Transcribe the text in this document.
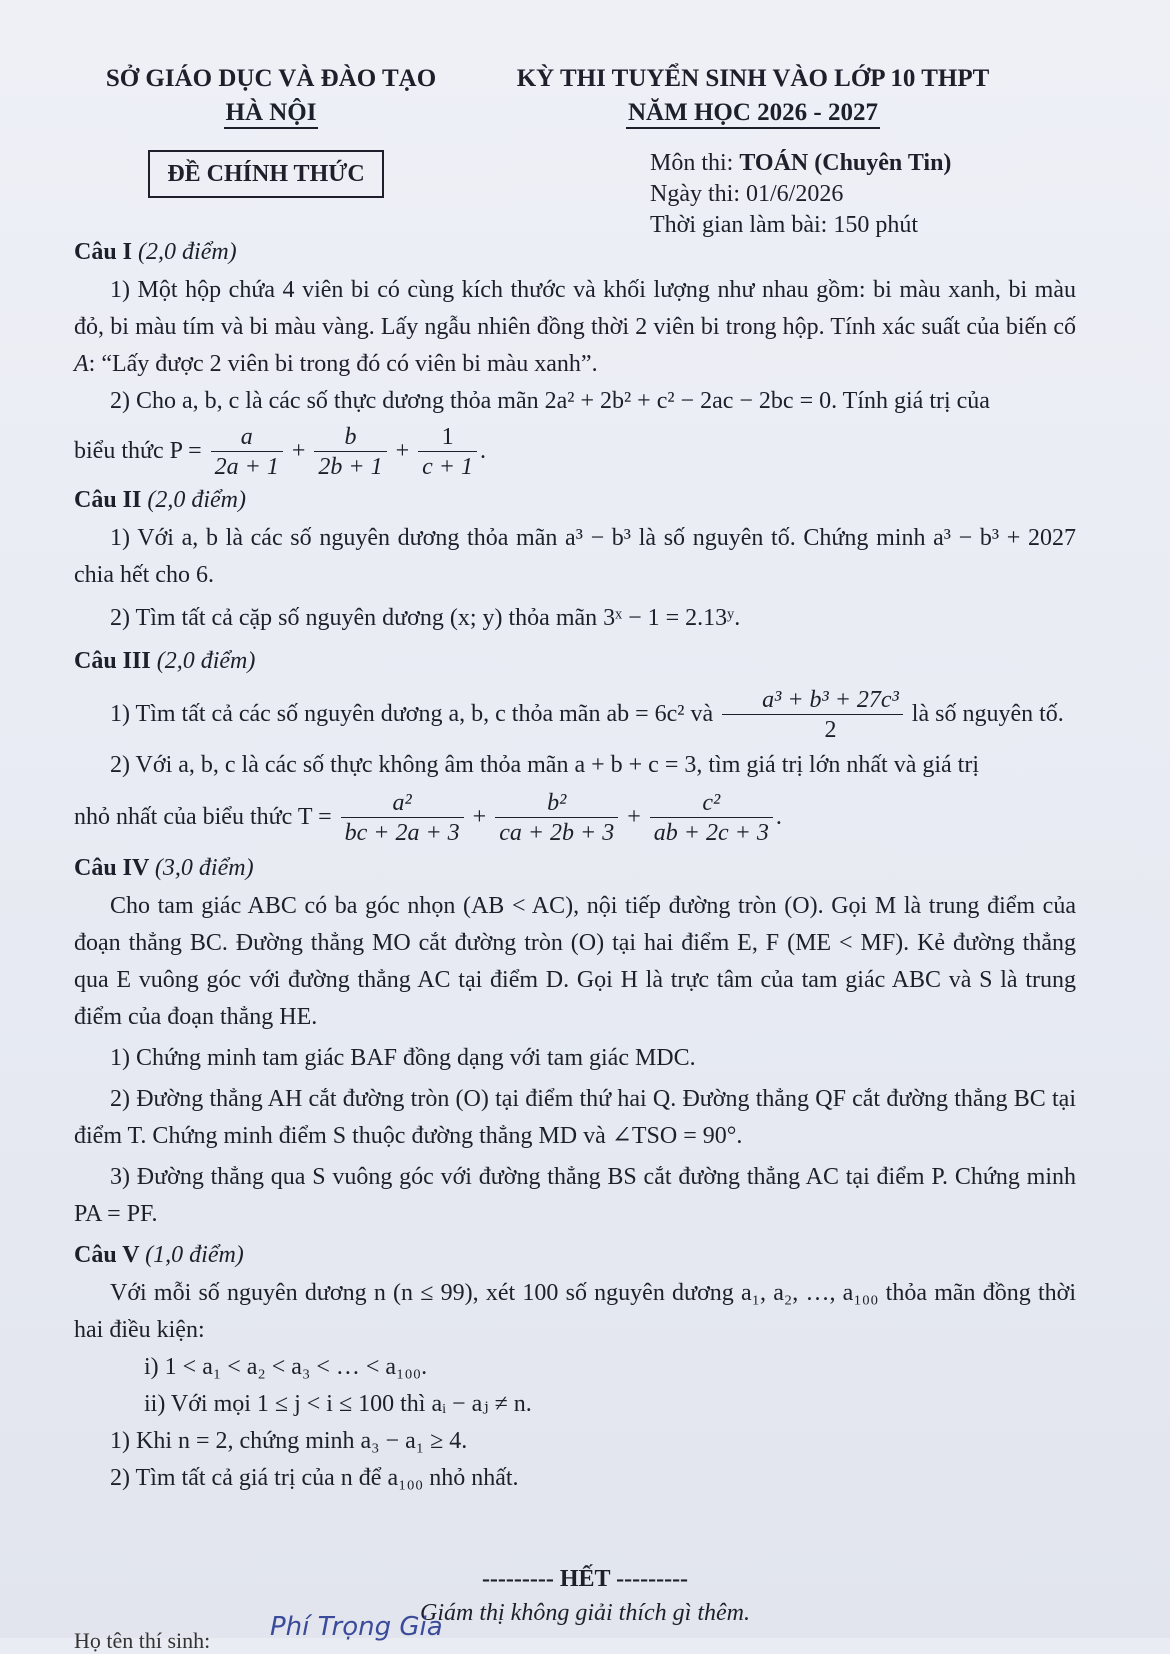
SỞ GIÁO DỤC VÀ ĐÀO TẠO
HÀ NỘI
KỲ THI TUYỂN SINH VÀO LỚP 10 THPT
NĂM HỌC 2026 - 2027
ĐỀ CHÍNH THỨC	Môn thi: TOÁN (Chuyên Tin)
Ngày thi: 01/6/2026
Thời gian làm bài: 150 phút
Câu I (2,0 điểm)

1) Một hộp chứa 4 viên bi có cùng kích thước và khối lượng như nhau gồm: bi màu xanh, bi màu đỏ, bi màu tím và bi màu vàng. Lấy ngẫu nhiên đồng thời 2 viên bi trong hộp. Tính xác suất của biến cố A: “Lấy được 2 viên bi trong đó có viên bi màu xanh”.

2) Cho a, b, c là các số thực dương thỏa mãn 2a² + 2b² + c² − 2ac − 2bc = 0. Tính giá trị của

biểu thức $P = \frac{a}{2a + 1} + \frac{b}{2b + 1} + \frac{1}{c + 1}$ .

Câu II (2,0 điểm)

1) Với a, b là các số nguyên dương thỏa mãn a³ − b³ là số nguyên tố. Chứng minh a³ − b³ + 2027 chia hết cho 6.

2) Tìm tất cả cặp số nguyên dương (x; y) thỏa mãn 3ˣ − 1 = 2.13ʸ.

Câu III (2,0 điểm)

1) Tìm tất cả các số nguyên dương a, b, c thỏa mãn ab = 6c² và $\frac{\text{a³ + b³ + 27c³}}{2}$ là số nguyên tố.

2) Với a, b, c là các số thực không âm thỏa mãn a + b + c = 3, tìm giá trị lớn nhất và giá trị

nhỏ nhất của biểu thức $T = \frac{\text{a²}}{bc + 2a + 3} + \frac{\text{b²}}{ca + 2b + 3} + \frac{\text{c²}}{ab + 2c + 3}$ .

Câu IV (3,0 điểm)

Cho tam giác ABC có ba góc nhọn (AB < AC), nội tiếp đường tròn (O). Gọi M là trung điểm của đoạn thẳng BC. Đường thẳng MO cắt đường tròn (O) tại hai điểm E, F (ME < MF). Kẻ đường thẳng qua E vuông góc với đường thẳng AC tại điểm D. Gọi H là trực tâm của tam giác ABC và S là trung điểm của đoạn thẳng HE.

1) Chứng minh tam giác BAF đồng dạng với tam giác MDC.

2) Đường thẳng AH cắt đường tròn (O) tại điểm thứ hai Q. Đường thẳng QF cắt đường thẳng BC tại điểm T. Chứng minh điểm S thuộc đường thẳng MD và ∠TSO = 90°.

3) Đường thẳng qua S vuông góc với đường thẳng BS cắt đường thẳng AC tại điểm P. Chứng minh PA = PF.

Câu V (1,0 điểm)

Với mỗi số nguyên dương n (n ≤ 99), xét 100 số nguyên dương a₁, a₂, …, a₁₀₀ thỏa mãn đồng thời hai điều kiện:

i) 1 < a₁ < a₂ < a₃ < … < a₁₀₀.

ii) Với mọi 1 ≤ j < i ≤ 100 thì aᵢ − aⱼ ≠ n.

1) Khi n = 2, chứng minh a₃ − a₁ ≥ 4.

2) Tìm tất cả giá trị của n để a₁₀₀ nhỏ nhất.

--------- HẾT ---------
Giám thị không giải thích gì thêm.
Họ tên thí sinh: Phí Trọng Gia
